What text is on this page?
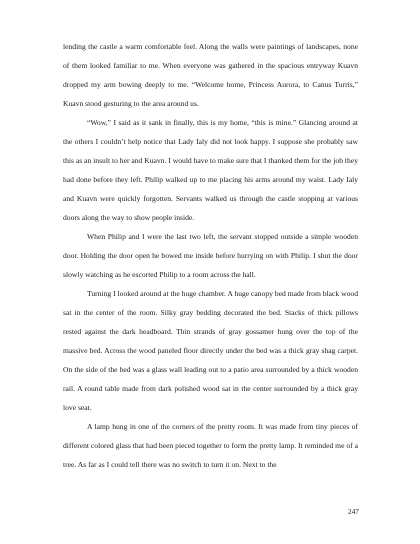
lending the castle a warm comfortable feel. Along the walls were paintings of landscapes, none of them looked familiar to me. When everyone was gathered in the spacious entryway Kuavn dropped my arm bowing deeply to me. “Welcome home, Princess Aurora, to Canus Turris,” Kuavn stood gesturing to the area around us.

“Wow,” I said as it sank in finally, this is my home, “this is mine.” Glancing around at the others I couldn’t help notice that Lady Ialy did not look happy. I suppose she probably saw this as an insult to her and Kuavn. I would have to make sure that I thanked them for the job they had done before they left. Philip walked up to me placing his arms around my waist. Lady Ialy and Kuavn were quickly forgotten. Servants walked us through the castle stopping at various doors along the way to show people inside.

When Philip and I were the last two left, the servant stopped outside a simple wooden door. Holding the door open he bowed me inside before hurrying on with Philip. I shut the door slowly watching as he escorted Philip to a room across the hall.

Turning I looked around at the huge chamber. A huge canopy bed made from black wood sat in the center of the room. Silky gray bedding decorated the bed. Stacks of thick pillows rested against the dark headboard. Thin strands of gray gossamer hung over the top of the massive bed. Across the wood paneled floor directly under the bed was a thick gray shag carpet. On the side of the bed was a glass wall leading out to a patio area surrounded by a thick wooden rail. A round table made from dark polished wood sat in the center surrounded by a thick gray love seat.

A lamp hung in one of the corners of the pretty room. It was made from tiny pieces of different colored glass that had been pieced together to form the pretty lamp. It reminded me of a tree. As far as I could tell there was no switch to turn it on. Next to the

247
